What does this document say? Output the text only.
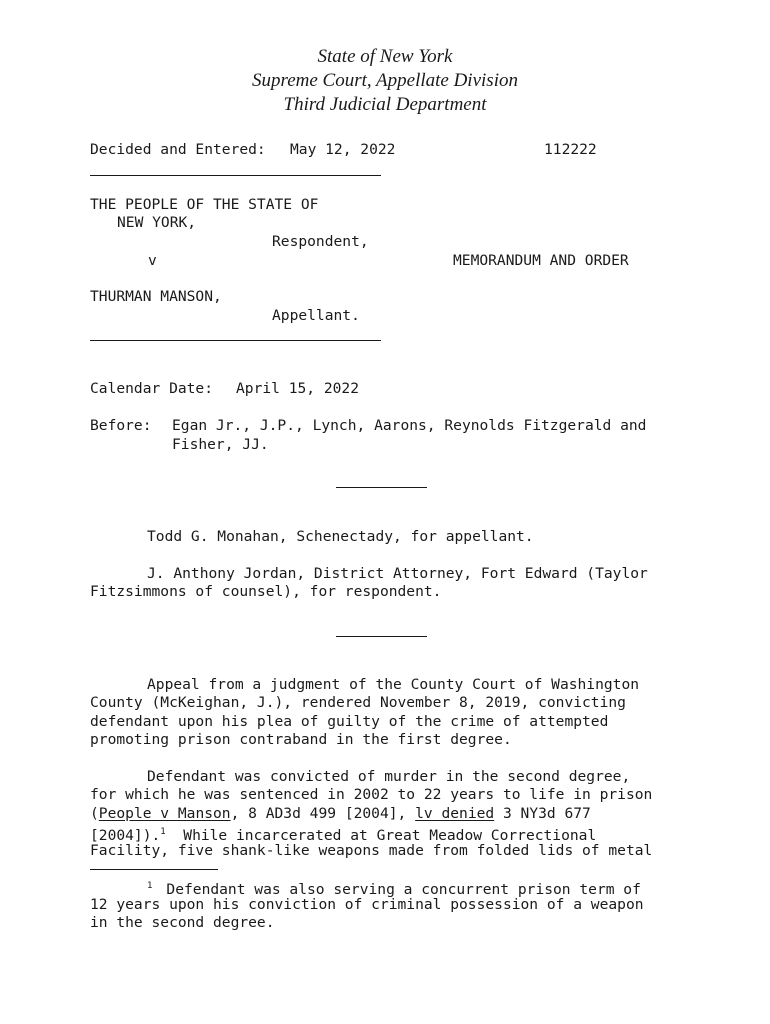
State of New York
Supreme Court, Appellate Division
Third Judicial Department
Decided and Entered: May 12, 2022	112222
THE PEOPLE OF THE STATE OF
NEW YORK,
Respondent,
v	MEMORANDUM AND ORDER
THURMAN MANSON,
Appellant.
Calendar Date: April 15, 2022
Before: Egan Jr., J.P., Lynch, Aarons, Reynolds Fitzgerald and
Fisher, JJ.
Todd G. Monahan, Schenectady, for appellant.
J. Anthony Jordan, District Attorney, Fort Edward (Taylor
Fitzsimmons of counsel), for respondent.
Appeal from a judgment of the County Court of Washington
County (McKeighan, J.), rendered November 8, 2019, convicting
defendant upon his plea of guilty of the crime of attempted
promoting prison contraband in the first degree.
Defendant was convicted of murder in the second degree,
for which he was sentenced in 2002 to 22 years to life in prison
(People v Manson, 8 AD3d 499 [2004], lv denied 3 NY3d 677
[2004]).$^1$  While incarcerated at Great Meadow Correctional
Facility, five shank-like weapons made from folded lids of metal
$^1$ Defendant was also serving a concurrent prison term of
12 years upon his conviction of criminal possession of a weapon
in the second degree.
